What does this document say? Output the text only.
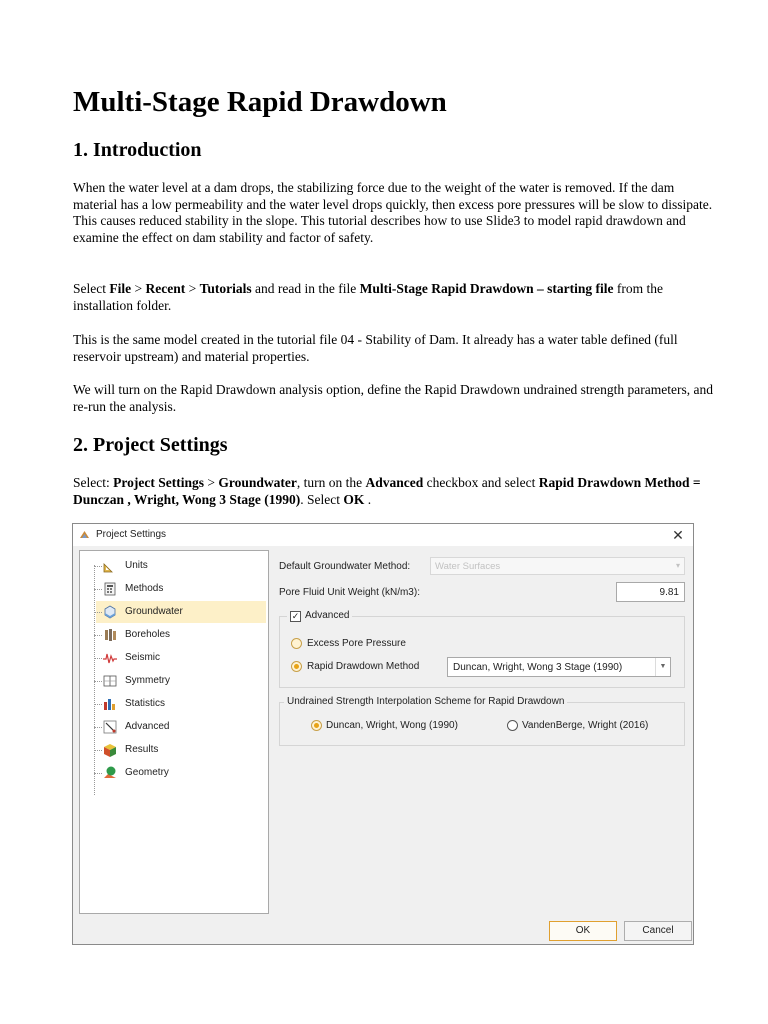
Multi-Stage Rapid Drawdown
1. Introduction

When the water level at a dam drops, the stabilizing force due to the weight of the water is removed. If the dam material has a low permeability and the water level drops quickly, then excess pore pressures will be slow to dissipate. This causes reduced stability in the slope. This tutorial describes how to use Slide3 to model rapid drawdown and examine the effect on dam stability and factor of safety.

Select File > Recent > Tutorials and read in the file Multi-Stage Rapid Drawdown – starting file from the installation folder.

This is the same model created in the tutorial file 04 - Stability of Dam. It already has a water table defined (full reservoir upstream) and material properties.

We will turn on the Rapid Drawdown analysis option, define the Rapid Drawdown undrained strength parameters, and re-run the analysis.

2. Project Settings

Select: Project Settings > Groundwater, turn on the Advanced checkbox and select Rapid Drawdown Method = Dunczan , Wright, Wong 3 Stage (1990). Select OK .

Project Settings	✕
Units
Methods
Groundwater
Boreholes
Seismic
Symmetry
Statistics
Advanced
Results
Geometry
Default Groundwater Method:	Water Surfaces	▾
Pore Fluid Unit Weight (kN/m3):	9.81
✓ Advanced
Excess Pore Pressure
Rapid Drawdown Method	Duncan, Wright, Wong 3 Stage (1990)	▼
Undrained Strength Interpolation Scheme for Rapid Drawdown
Duncan, Wright, Wong (1990)	VandenBerge, Wright (2016)
OK	Cancel
